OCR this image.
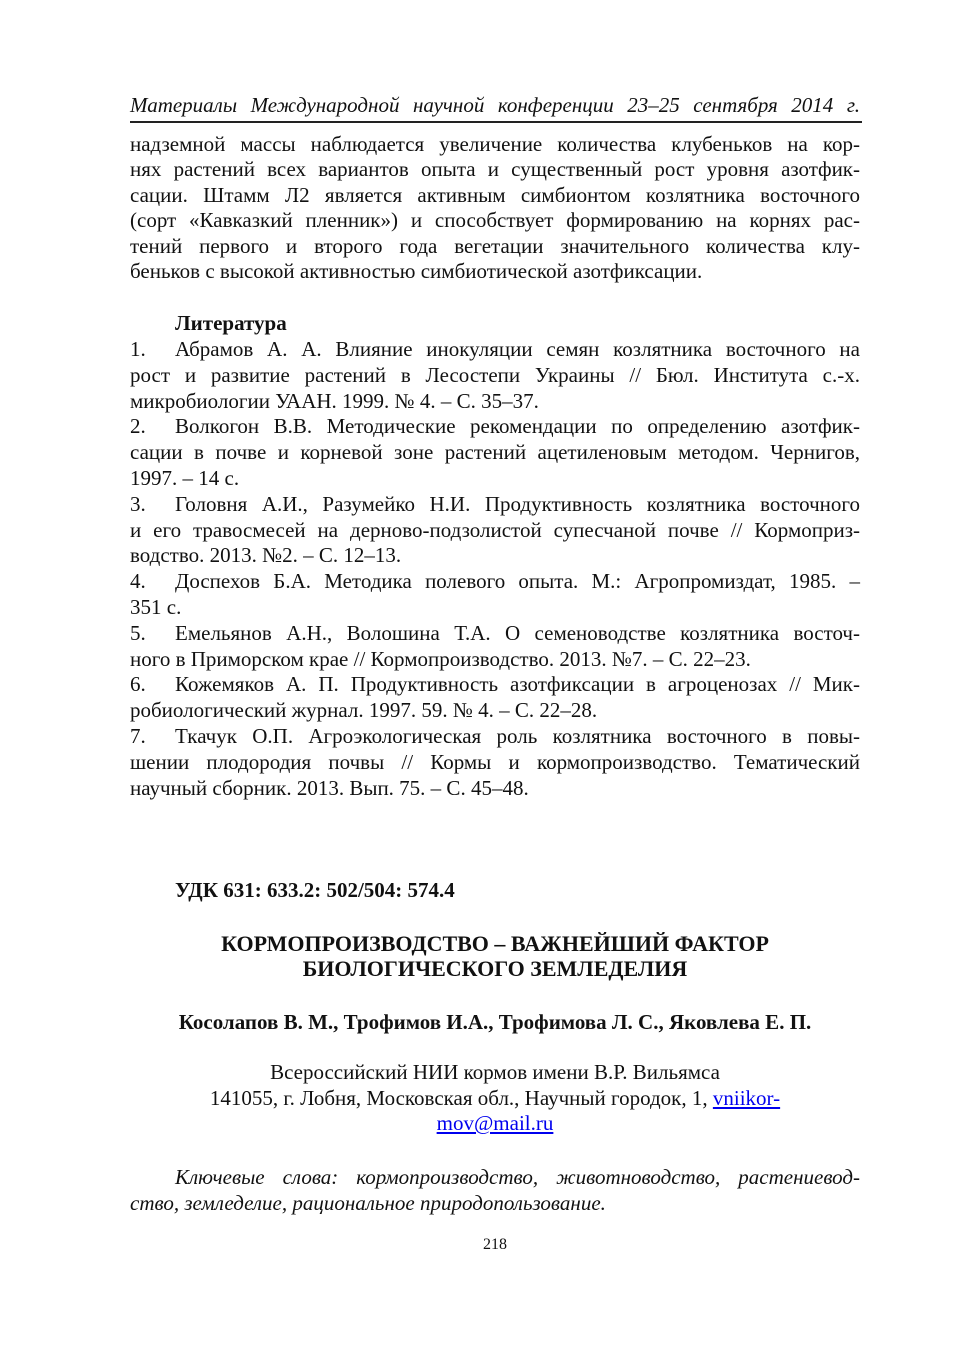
Материалы Международной научной конференции 23–25 сентября 2014 г.
надземной массы наблюдается увеличение количества клубеньков на кор-
нях растений всех вариантов опыта и существенный рост уровня азотфик-
сации. Штамм Л2 является активным симбионтом козлятника восточного
(сорт «Кавказкий пленник») и способствует формированию на корнях рас-
тений первого и второго года вегетации значительного количества клу-
беньков с высокой активностью симбиотической азотфиксации.
Литература
1.	Абрамов А. А. Влияние инокуляции семян козлятника восточного на
рост и развитие растений в Лесостепи Украины // Бюл. Института с.-х.
микробиологии УААН. 1999. № 4. – С. 35–37.
2.	Волкогон В.В. Методические рекомендации по определению азотфик-
сации в почве и корневой зоне растений ацетиленовым методом. Чернигов,
1997. – 14 с.
3.	Головня А.И., Разумейко Н.И. Продуктивность козлятника восточного
и его травосмесей на дерново-подзолистой супесчаной почве // Кормоприз-
водство. 2013. №2. – С. 12–13.
4.	Доспехов Б.А. Методика полевого опыта. М.: Агропромиздат, 1985. –
351 с.
5.	Емельянов А.Н., Волошина Т.А. О семеноводстве козлятника восточ-
ного в Приморском крае // Кормопроизводство. 2013. №7. – С. 22–23.
6.	Кожемяков А. П. Продуктивность азотфиксации в агроценозах // Мик-
робиологический журнал. 1997. 59. № 4. – С. 22–28.
7.	Ткачук О.П. Агроэкологическая роль козлятника восточного в повы-
шении плодородия почвы // Кормы и кормопроизводство. Тематический
научный сборник. 2013. Вып. 75. – С. 45–48.
УДК 631: 633.2: 502/504: 574.4
КОРМОПРОИЗВОДСТВО – ВАЖНЕЙШИЙ ФАКТОР
БИОЛОГИЧЕСКОГО ЗЕМЛЕДЕЛИЯ
Косолапов В. М., Трофимов И.А., Трофимова Л. С., Яковлева Е. П.
Всероссийский НИИ кормов имени В.Р. Вильямса
141055, г. Лобня, Московская обл., Научный городок, 1, vniikor-
mov@mail.ru
Ключевые слова: кормопроизводство, животноводство, растениевод-
ство, земледелие, рациональное природопользование.
218
